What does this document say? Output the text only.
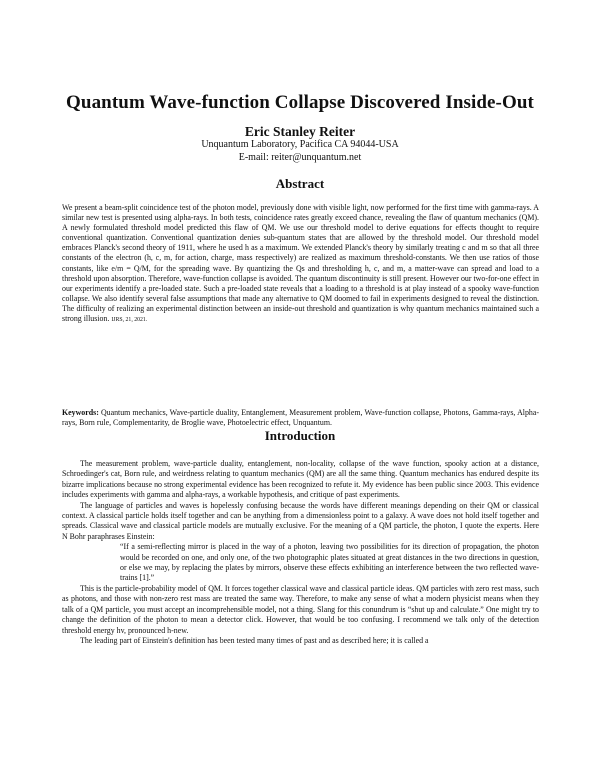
Quantum Wave-function Collapse Discovered Inside-Out
Eric Stanley Reiter
Unquantum Laboratory, Pacifica CA 94044-USA
E-mail: reiter@unquantum.net
Abstract
We present a beam-split coincidence test of the photon model, previously done with visible light, now performed for the first time with gamma-rays. A similar new test is presented using alpha-rays. In both tests, coincidence rates greatly exceed chance, revealing the flaw of quantum mechanics (QM). A newly formulated threshold model predicted this flaw of QM. We use our threshold model to derive equations for effects thought to require conventional quantization. Conventional quantization denies sub-quantum states that are allowed by the threshold model. Our threshold model embraces Planck's second theory of 1911, where he used h as a maximum. We extended Planck's theory by similarly treating c and m so that all three constants of the electron (h, c, m, for action, charge, mass respectively) are realized as maximum threshold-constants. We then use ratios of those constants, like e/m = Q/M, for the spreading wave. By quantizing the Qs and thresholding h, c, and m, a matter-wave can spread and load to a threshold upon absorption. Therefore, wave-function collapse is avoided. The quantum discontinuity is still present. However our two-for-one effect in our experiments identify a pre-loaded state. Such a pre-loaded state reveals that a loading to a threshold is at play instead of a spooky wave-function collapse. We also identify several false assumptions that made any alternative to QM doomed to fail in experiments designed to reveal the distinction. The difficulty of realizing an experimental distinction between an inside-out threshold and quantization is why quantum mechanics maintained such a strong illusion. IJRS, 21, 2021.
Keywords: Quantum mechanics, Wave-particle duality, Entanglement, Measurement problem, Wave-function collapse, Photons, Gamma-rays, Alpha-rays, Born rule, Complementarity, de Broglie wave, Photoelectric effect, Unquantum.
Introduction

The measurement problem, wave-particle duality, entanglement, non-locality, collapse of the wave function, spooky action at a distance, Schroedinger's cat, Born rule, and weirdness relating to quantum mechanics (QM) are all the same thing. Quantum mechanics has endured despite its bizarre implications because no strong experimental evidence has been recognized to refute it. My evidence has been public since 2003. This evidence includes experiments with gamma and alpha-rays, a workable hypothesis, and critique of past experiments.

The language of particles and waves is hopelessly confusing because the words have different meanings depending on their QM or classical context. A classical particle holds itself together and can be anything from a dimensionless point to a galaxy. A wave does not hold itself together and spreads. Classical wave and classical particle models are mutually exclusive. For the meaning of a QM particle, the photon, I quote the experts. Here N Bohr paraphrases Einstein:

“If a semi-reflecting mirror is placed in the way of a photon, leaving two possibilities for its direction of propagation, the photon would be recorded on one, and only one, of the two photographic plates situated at great distances in the two directions in question, or else we may, by replacing the plates by mirrors, observe these effects exhibiting an interference between the two reflected wave-trains [1].”

This is the particle-probability model of QM. It forces together classical wave and classical particle ideas. QM particles with zero rest mass, such as photons, and those with non-zero rest mass are treated the same way. Therefore, to make any sense of what a modern physicist means when they talk of a QM particle, you must accept an incomprehensible model, not a thing. Slang for this conundrum is “shut up and calculate.” One might try to change the definition of the photon to mean a detector click. However, that would be too confusing. I recommend we talk only of the detection threshold energy hv, pronounced h-new.

The leading part of Einstein's definition has been tested many times of past and as described here; it is called a
